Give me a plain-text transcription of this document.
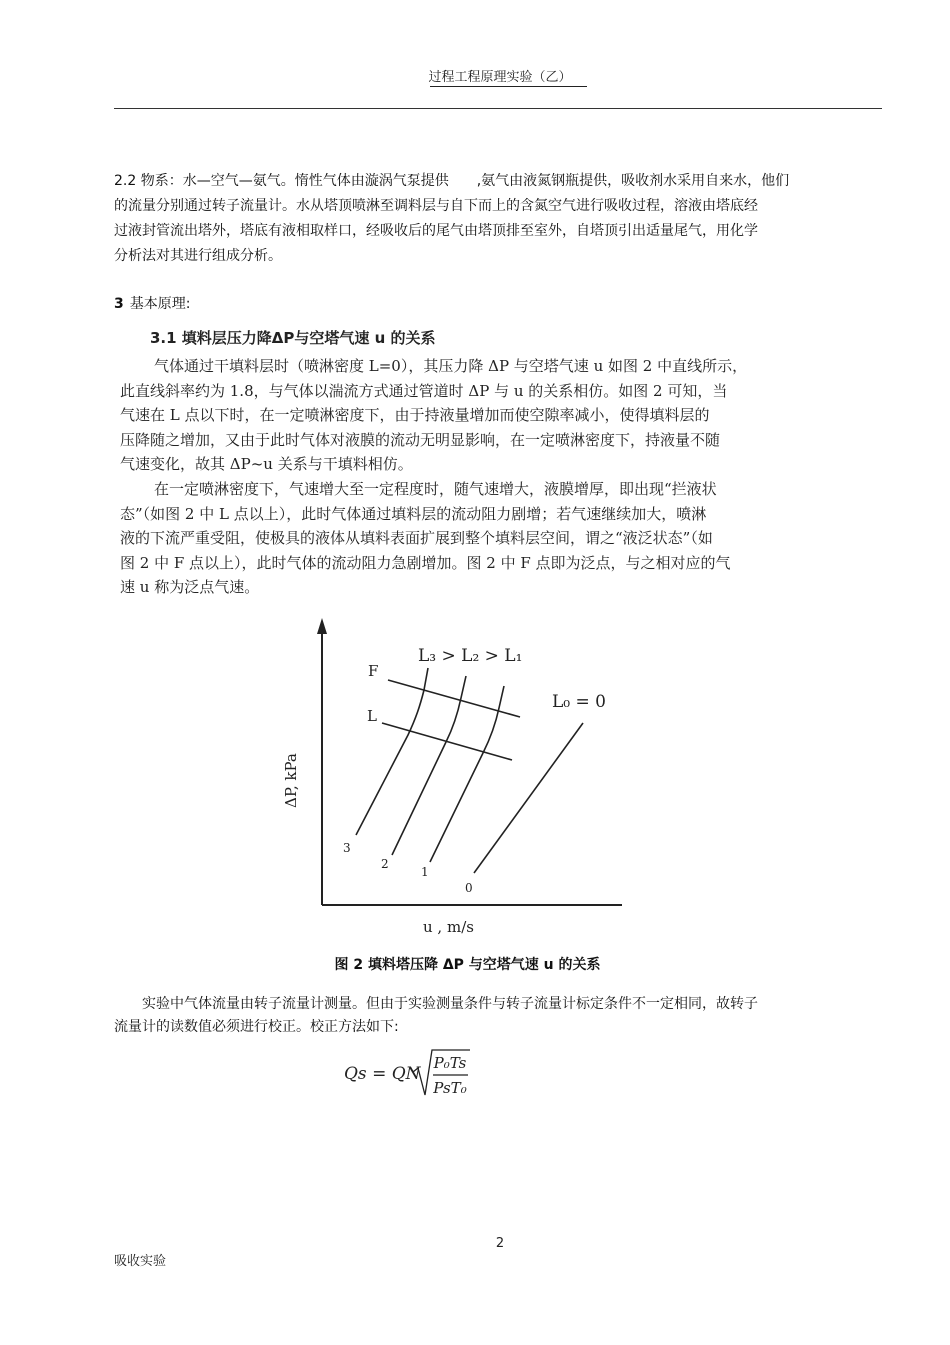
过程工程原理实验（乙）
2.2 物系：水—空气—氨气。惰性气体由漩涡气泵提供　　,氨气由液氮钢瓶提供，吸收剂水采用自来水，他们
的流量分别通过转子流量计。水从塔顶喷淋至调料层与自下而上的含氮空气进行吸收过程，溶液由塔底经
过液封管流出塔外，塔底有液相取样口，经吸收后的尾气由塔顶排至室外，自塔顶引出适量尾气，用化学
分析法对其进行组成分析。
3 基本原理:
3.1 填料层压力降ΔP与空塔气速 u 的关系
气体通过干填料层时（喷淋密度 L=0），其压力降 ΔP 与空塔气速 u 如图 2 中直线所示，
此直线斜率约为 1.8，与气体以湍流方式通过管道时 ΔP 与 u 的关系相仿。如图 2 可知，当
气速在 L 点以下时，在一定喷淋密度下，由于持液量增加而使空隙率减小，使得填料层的
压降随之增加，又由于此时气体对液膜的流动无明显影响，在一定喷淋密度下，持液量不随
气速变化，故其 ΔP~u 关系与干填料相仿。
在一定喷淋密度下，气速增大至一定程度时，随气速增大，液膜增厚，即出现“拦液状
态”（如图 2 中 L 点以上），此时气体通过填料层的流动阻力剧增；若气速继续加大，喷淋
液的下流严重受阻，使极具的液体从填料表面扩展到整个填料层空间，谓之“液泛状态”（如
图 2 中 F 点以上），此时气体的流动阻力急剧增加。图 2 中 F 点即为泛点，与之相对应的气
速 u 称为泛点气速。
F
L
L₃ > L₂ > L₁
L₀ = 0
3
2
1
0
ΔP, kPa
u , m/s
图 2 填料塔压降 ΔP 与空塔气速 u 的关系
　　实验中气体流量由转子流量计测量。但由于实验测量条件与转子流量计标定条件不一定相同，故转子
流量计的读数值必须进行校正。校正方法如下:
Qs = QN
P₀Ts
PsT₀
2
吸收实验
